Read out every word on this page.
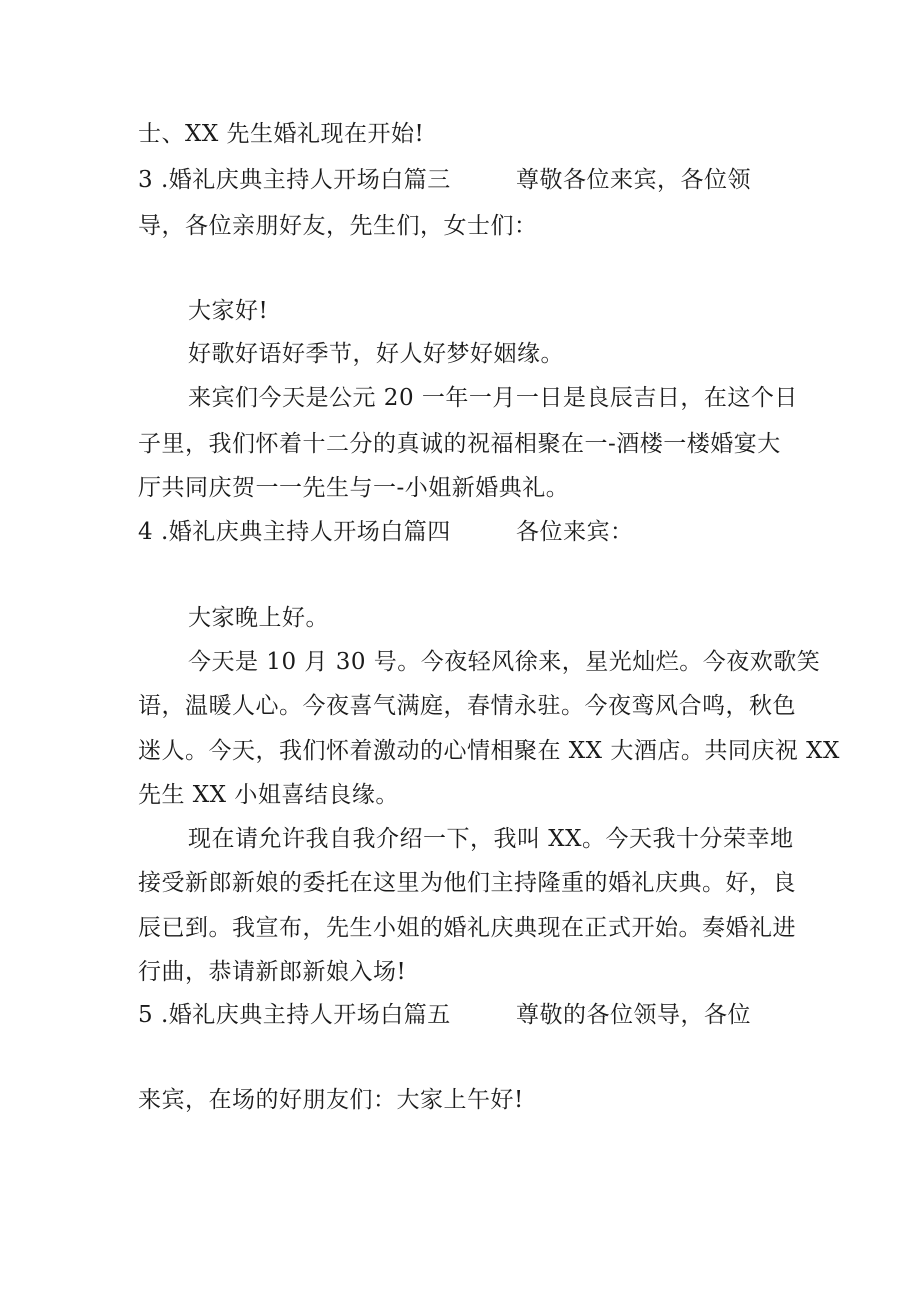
士、XX 先生婚礼现在开始!
3 .婚礼庆典主持人开场白篇三	尊敬各位来宾，各位领
导，各位亲朋好友，先生们，女士们：
大家好!
好歌好语好季节，好人好梦好姻缘。
来宾们今天是公元 20 一年一月一日是良辰吉日，在这个日
子里，我们怀着十二分的真诚的祝福相聚在一-酒楼一楼婚宴大
厅共同庆贺一一先生与一-小姐新婚典礼。
4 .婚礼庆典主持人开场白篇四	各位来宾：
大家晚上好。
今天是 10 月 30 号。今夜轻风徐来，星光灿烂。今夜欢歌笑
语，温暖人心。今夜喜气满庭，春情永驻。今夜鸾风合鸣，秋色
迷人。今天，我们怀着激动的心情相聚在 XX 大酒店。共同庆祝 XX
先生 XX 小姐喜结良缘。
现在请允许我自我介绍一下，我叫 XX。今天我十分荣幸地
接受新郎新娘的委托在这里为他们主持隆重的婚礼庆典。好，良
辰已到。我宣布，先生小姐的婚礼庆典现在正式开始。奏婚礼进
行曲，恭请新郎新娘入场!
5 .婚礼庆典主持人开场白篇五	尊敬的各位领导，各位
来宾，在场的好朋友们：大家上午好!
